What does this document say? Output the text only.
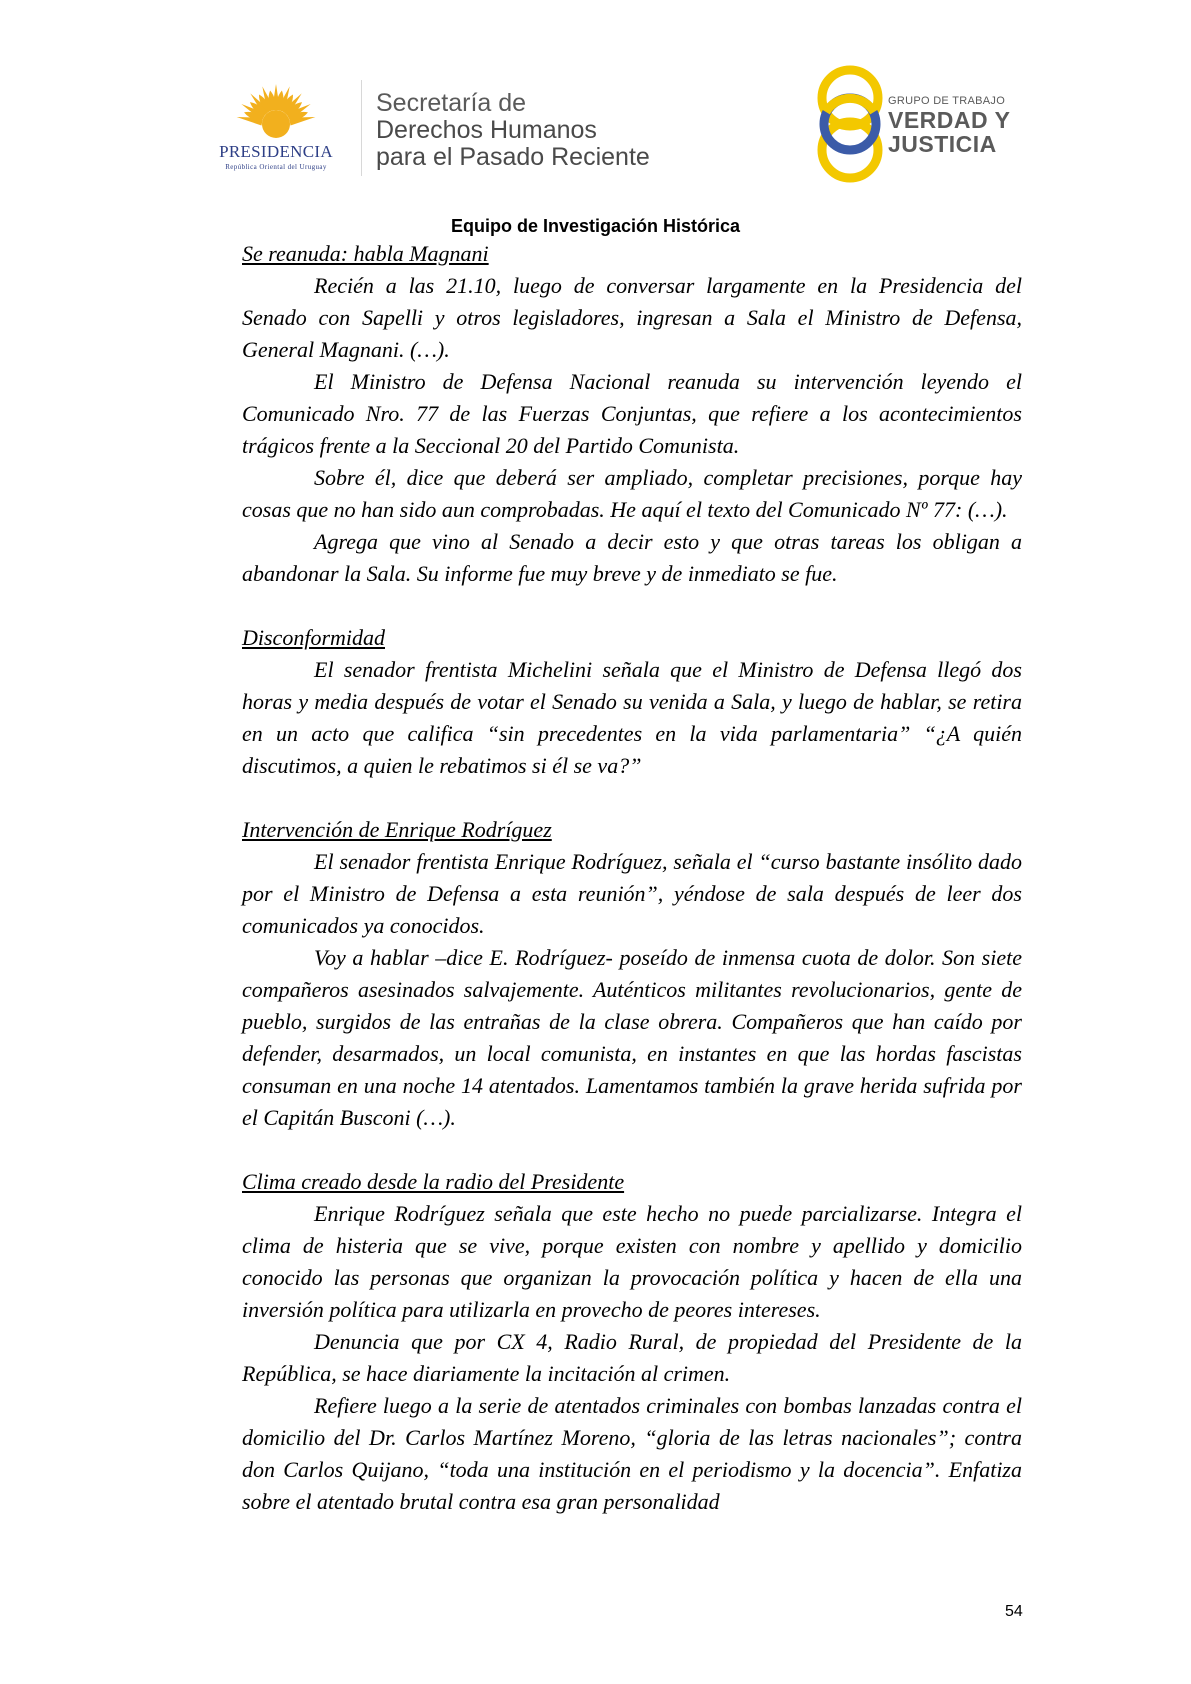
PRESIDENCIA
República Oriental del Uruguay
Secretaría de
Derechos Humanos
para el Pasado Reciente
GRUPO DE TRABAJO
VERDAD Y
JUSTICIA
Equipo de Investigación Histórica

Se reanuda: habla Magnani

Recién a las 21.10, luego de conversar largamente en la Presidencia del Senado con Sapelli y otros legisladores, ingresan a Sala el Ministro de Defensa, General Magnani. (…).

El Ministro de Defensa Nacional reanuda su intervención leyendo el Comunicado Nro. 77 de las Fuerzas Conjuntas, que refiere a los acontecimientos trágicos frente a la Seccional 20 del Partido Comunista.

Sobre él, dice que deberá ser ampliado, completar precisiones, porque hay cosas que no han sido aun comprobadas. He aquí el texto del Comunicado Nº 77: (…).

Agrega que vino al Senado a decir esto y que otras tareas los obligan a abandonar la Sala. Su informe fue muy breve y de inmediato se fue.

Disconformidad

El senador frentista Michelini señala que el Ministro de Defensa llegó dos horas y media después de votar el Senado su venida a Sala, y luego de hablar, se retira en un acto que califica “sin precedentes en la vida parlamentaria” “¿A quién discutimos, a quien le rebatimos si él se va?”

Intervención de Enrique Rodríguez

El senador frentista Enrique Rodríguez, señala el “curso bastante insólito dado por el Ministro de Defensa a esta reunión”, yéndose de sala después de leer dos comunicados ya conocidos.

Voy a hablar –dice E. Rodríguez- poseído de inmensa cuota de dolor. Son siete compañeros asesinados salvajemente. Auténticos militantes revolucionarios, gente de pueblo, surgidos de las entrañas de la clase obrera. Compañeros que han caído por defender, desarmados, un local comunista, en instantes en que las hordas fascistas consuman en una noche 14 atentados. Lamentamos también la grave herida sufrida por el Capitán Busconi (…).

Clima creado desde la radio del Presidente

Enrique Rodríguez señala que este hecho no puede parcializarse. Integra el clima de histeria que se vive, porque existen con nombre y apellido y domicilio conocido las personas que organizan la provocación política y hacen de ella una inversión política para utilizarla en provecho de peores intereses.

Denuncia que por CX 4, Radio Rural, de propiedad del Presidente de la República, se hace diariamente la incitación al crimen.

Refiere luego a la serie de atentados criminales con bombas lanzadas contra el domicilio del Dr. Carlos Martínez Moreno, “gloria de las letras nacionales”; contra don Carlos Quijano, “toda una institución en el periodismo y la docencia”. Enfatiza sobre el atentado brutal contra esa gran personalidad

54
